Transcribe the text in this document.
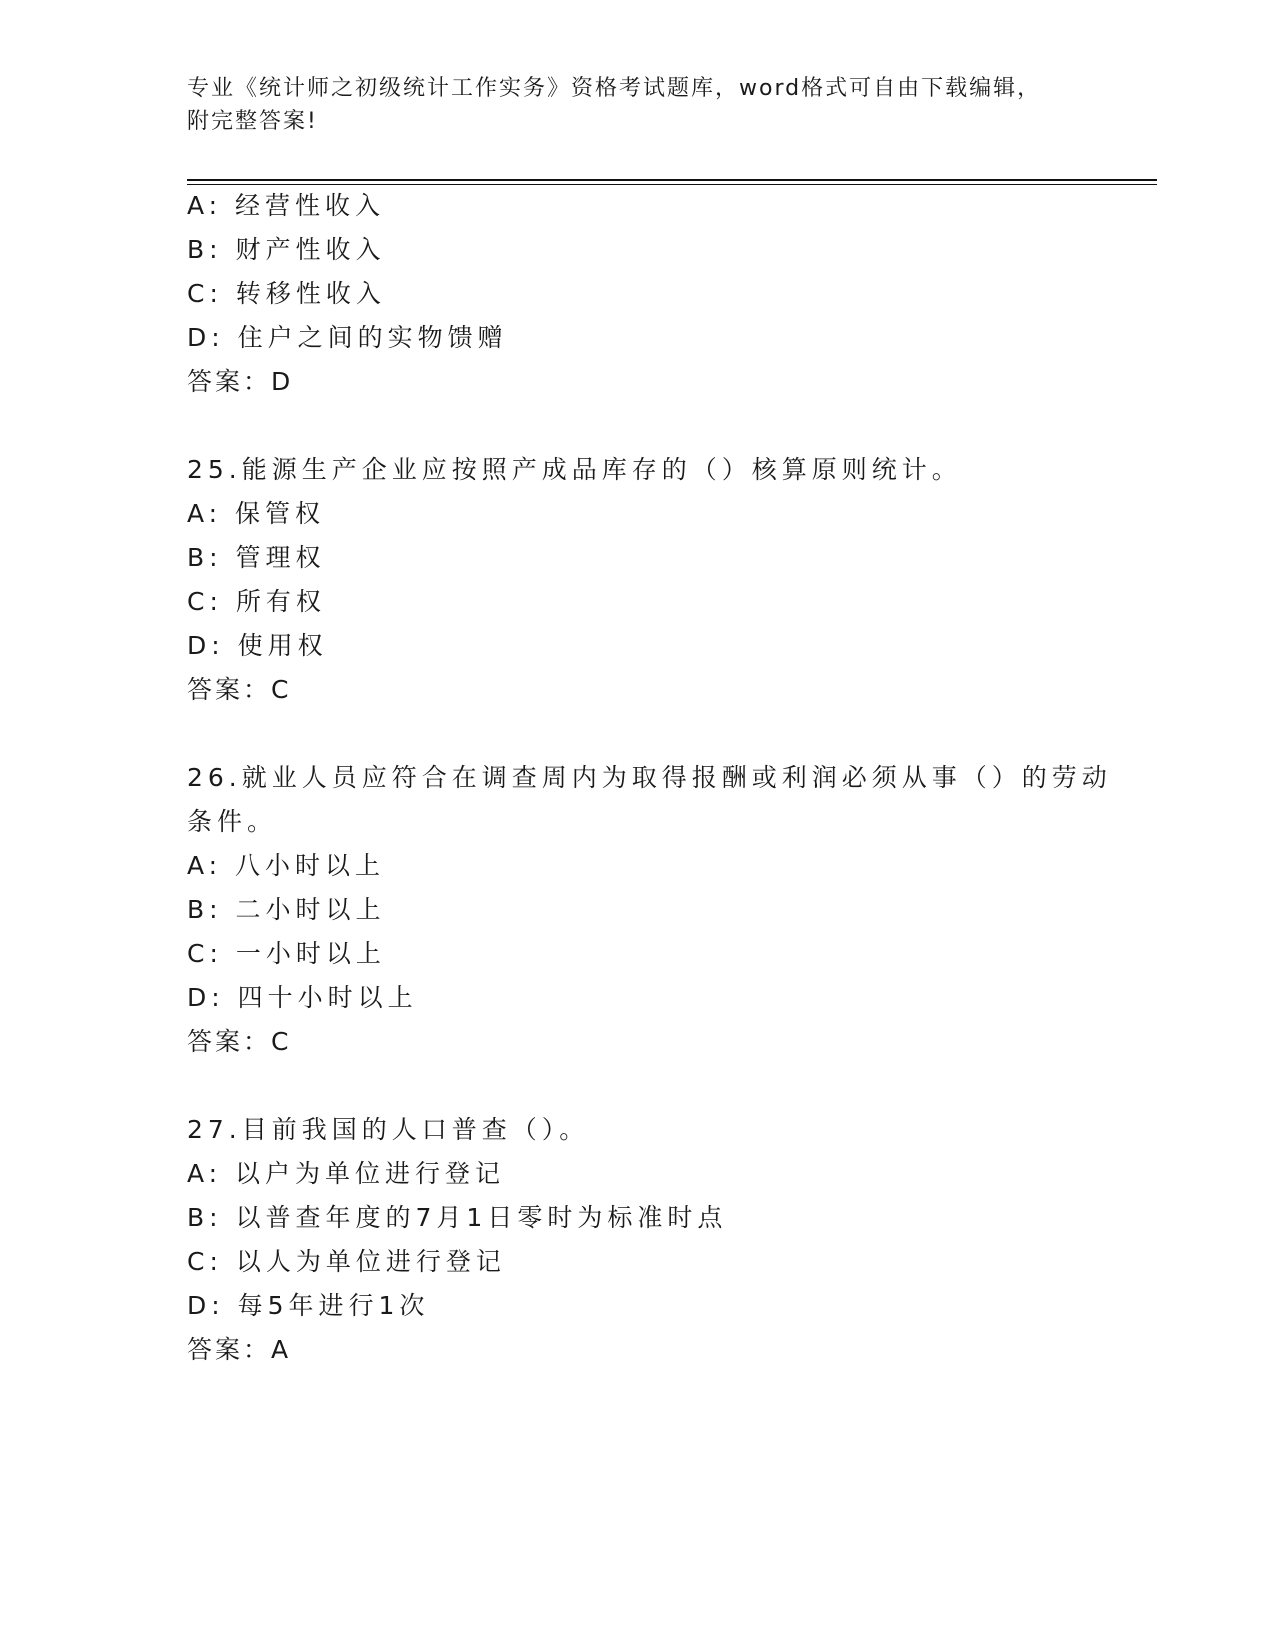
专业《统计师之初级统计工作实务》资格考试题库，word格式可自由下载编辑，
附完整答案!
A: 经营性收入
B: 财产性收入
C: 转移性收入
D: 住户之间的实物馈赠
答案：D
25.能源生产企业应按照产成品库存的（）核算原则统计。
A: 保管权
B: 管理权
C: 所有权
D: 使用权
答案：C
26.就业人员应符合在调查周内为取得报酬或利润必须从事（）的劳动
条件。
A: 八小时以上
B: 二小时以上
C: 一小时以上
D: 四十小时以上
答案：C
27.目前我国的人口普查（）。
A: 以户为单位进行登记
B: 以普查年度的7月1日零时为标准时点
C: 以人为单位进行登记
D: 每5年进行1次
答案：A
